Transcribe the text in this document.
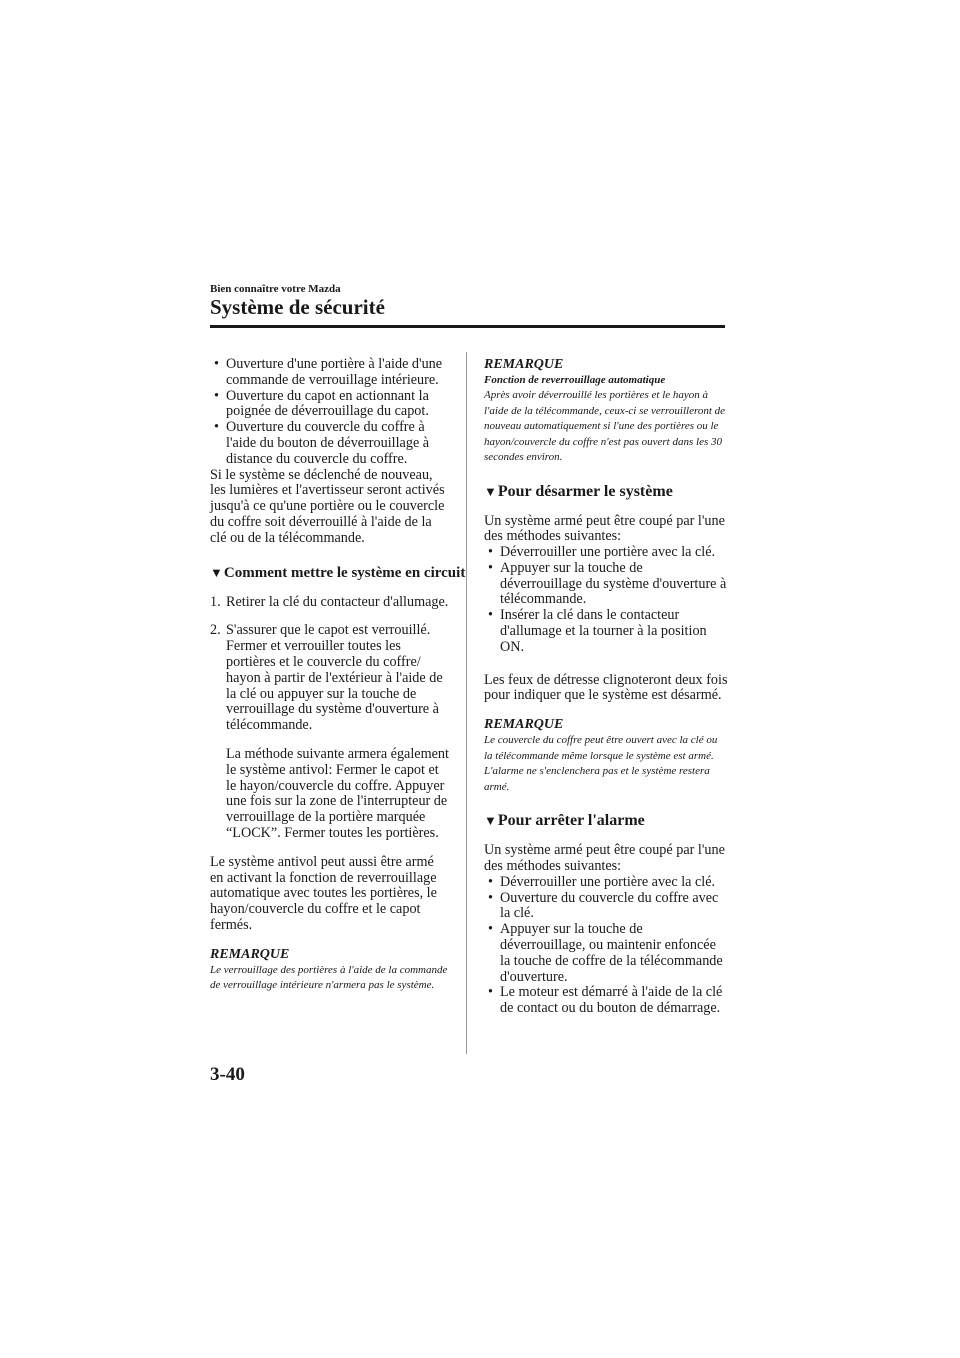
Bien connaître votre Mazda
Système de sécurité

• Ouverture d'une portière à l'aide d'une commande de verrouillage intérieure.

• Ouverture du capot en actionnant la poignée de déverrouillage du capot.

• Ouverture du couvercle du coffre à l'aide du bouton de déverrouillage à distance du couvercle du coffre.

Si le système se déclenché de nouveau, les lumières et l'avertisseur seront activés jusqu'à ce qu'une portière ou le couvercle du coffre soit déverrouillé à l'aide de la clé ou de la télécommande.

▼Comment mettre le système en circuit

1. Retirer la clé du contacteur d'allumage.

2. S'assurer que le capot est verrouillé. Fermer et verrouiller toutes les portières et le couvercle du coffre/ hayon à partir de l'extérieur à l'aide de la clé ou appuyer sur la touche de verrouillage du système d'ouverture à télécommande.

La méthode suivante armera également le système antivol: Fermer le capot et le hayon/couvercle du coffre. Appuyer une fois sur la zone de l'interrupteur de verrouillage de la portière marquée “LOCK”. Fermer toutes les portières.

Le système antivol peut aussi être armé en activant la fonction de reverrouillage automatique avec toutes les portières, le hayon/couvercle du coffre et le capot fermés.

REMARQUE
Le verrouillage des portières à l'aide de la commande de verrouillage intérieure n'armera pas le système.
REMARQUE
Fonction de reverrouillage automatique
Après avoir déverrouillé les portières et le hayon à l'aide de la télécommande, ceux-ci se verrouilleront de nouveau automatiquement si l'une des portières ou le hayon/couvercle du coffre n'est pas ouvert dans les 30 secondes environ.
▼Pour désarmer le système

Un système armé peut être coupé par l'une des méthodes suivantes:

• Déverrouiller une portière avec la clé.

• Appuyer sur la touche de déverrouillage du système d'ouverture à télécommande.

• Insérer la clé dans le contacteur d'allumage et la tourner à la position ON.

Les feux de détresse clignoteront deux fois pour indiquer que le système est désarmé.

REMARQUE
Le couvercle du coffre peut être ouvert avec la clé ou la télécommande même lorsque le système est armé. L'alarme ne s'enclenchera pas et le système restera armé.
▼Pour arrêter l'alarme

Un système armé peut être coupé par l'une des méthodes suivantes:

• Déverrouiller une portière avec la clé.

• Ouverture du couvercle du coffre avec la clé.

• Appuyer sur la touche de déverrouillage, ou maintenir enfoncée la touche de coffre de la télécommande d'ouverture.

• Le moteur est démarré à l'aide de la clé de contact ou du bouton de démarrage.

3-40
